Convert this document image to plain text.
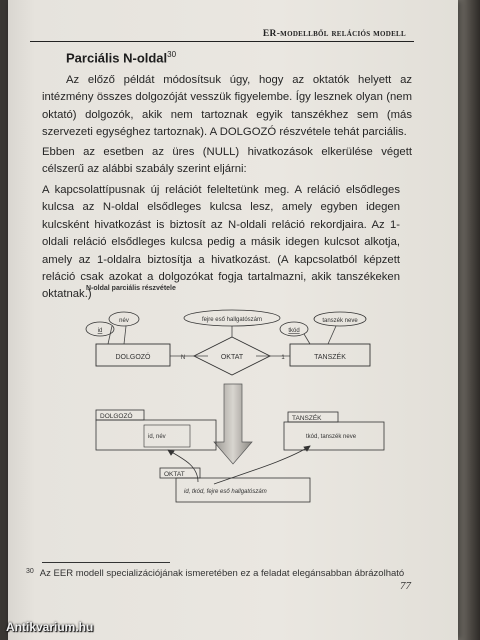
ER-modellből relációs modell
Parciális N-oldal$^{30}$
Az előző példát módosítsuk úgy, hogy az oktatók helyett az intézmény összes dolgozóját vesszük figyelembe. Így lesznek olyan (nem oktató) dolgozók, akik nem tartoznak egyik tanszékhez sem (más szervezeti egységhez tartoznak). A DOLGOZÓ részvétele tehát parciális.
Ebben az esetben az üres (NULL) hivatkozások elkerülése végett célszerű az alábbi szabály szerint eljárni:
A kapcsolattípusnak új relációt feleltetünk meg. A reláció elsődleges kulcsa az N-oldal elsődleges kulcsa lesz, amely egyben idegen kulcsként hivatkozást is biztosít az N-oldali reláció rekordjaira. Az 1-oldali reláció elsődleges kulcsa pedig a másik idegen kulcsot alkotja, amely az 1-oldalra biztosítja a hivatkozást. (A kapcsolatból képzett reláció csak azokat a dolgozókat fogja tartalmazni, akik tanszékeken oktatnak.)
N-oldal parciális részvétele
DOLGOZÓ	TANSZÉK
OKTAT
N	1
id
név	fejre eső hallgatószám
tkód
tanszék neve
DOLGOZÓ
id, név
TANSZÉK
tkód, tanszék neve
OKTAT
id, tkód, fejre eső hallgatószám
$^{30}$ Az EER modell specializációjának ismeretében ez a feladat elegánsabban ábrázolható
77
Antikvarium.hu
